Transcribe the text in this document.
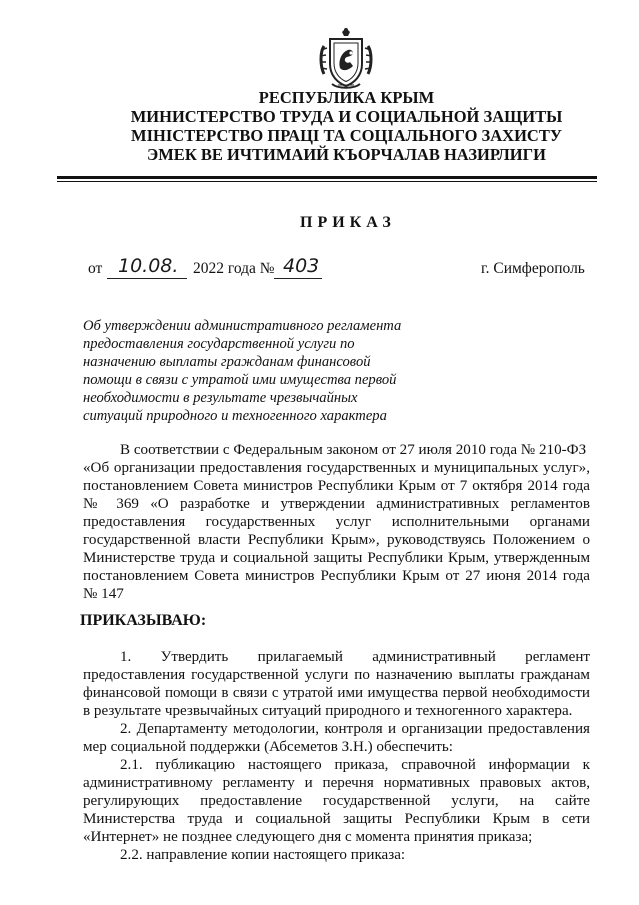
РЕСПУБЛИКА КРЫМ
МИНИСТЕРСТВО ТРУДА И СОЦИАЛЬНОЙ ЗАЩИТЫ
МІНІСТЕРСТВО ПРАЦІ ТА СОЦІАЛЬНОГО ЗАХИСТУ
ЭМЕК ВЕ ИЧТИМАИЙ КЪОРЧАЛАВ НАЗИРЛИГИ
ПРИКАЗ
от 10.08. 2022 года № 403	г. Симферополь
Об утверждении административного регламента
предоставления государственной услуги по
назначению выплаты гражданам финансовой
помощи в связи с утратой ими имущества первой
необходимости в результате чрезвычайных
ситуаций природного и техногенного характера
В соответствии с Федеральным законом от 27 июля 2010 года № 210-ФЗ
«Об организации предоставления государственных и муниципальных услуг»,
постановлением Совета министров Республики Крым от 7 октября 2014 года
№ 369 «О разработке и утверждении административных регламентов
предоставления государственных услуг исполнительными органами
государственной власти Республики Крым», руководствуясь Положением о
Министерстве труда и социальной защиты Республики Крым, утвержденным
постановлением Совета министров Республики Крым от 27 июня 2014 года
№ 147
ПРИКАЗЫВАЮ:
1. Утвердить прилагаемый административный регламент
предоставления государственной услуги по назначению выплаты гражданам
финансовой помощи в связи с утратой ими имущества первой необходимости
в результате чрезвычайных ситуаций природного и техногенного характера.
2. Департаменту методологии, контроля и организации предоставления
мер социальной поддержки (Абсеметов З.Н.) обеспечить:
2.1. публикацию настоящего приказа, справочной информации к
административному регламенту и перечня нормативных правовых актов,
регулирующих предоставление государственной услуги, на сайте
Министерства труда и социальной защиты Республики Крым в сети
«Интернет» не позднее следующего дня с момента принятия приказа;
2.2. направление копии настоящего приказа:
